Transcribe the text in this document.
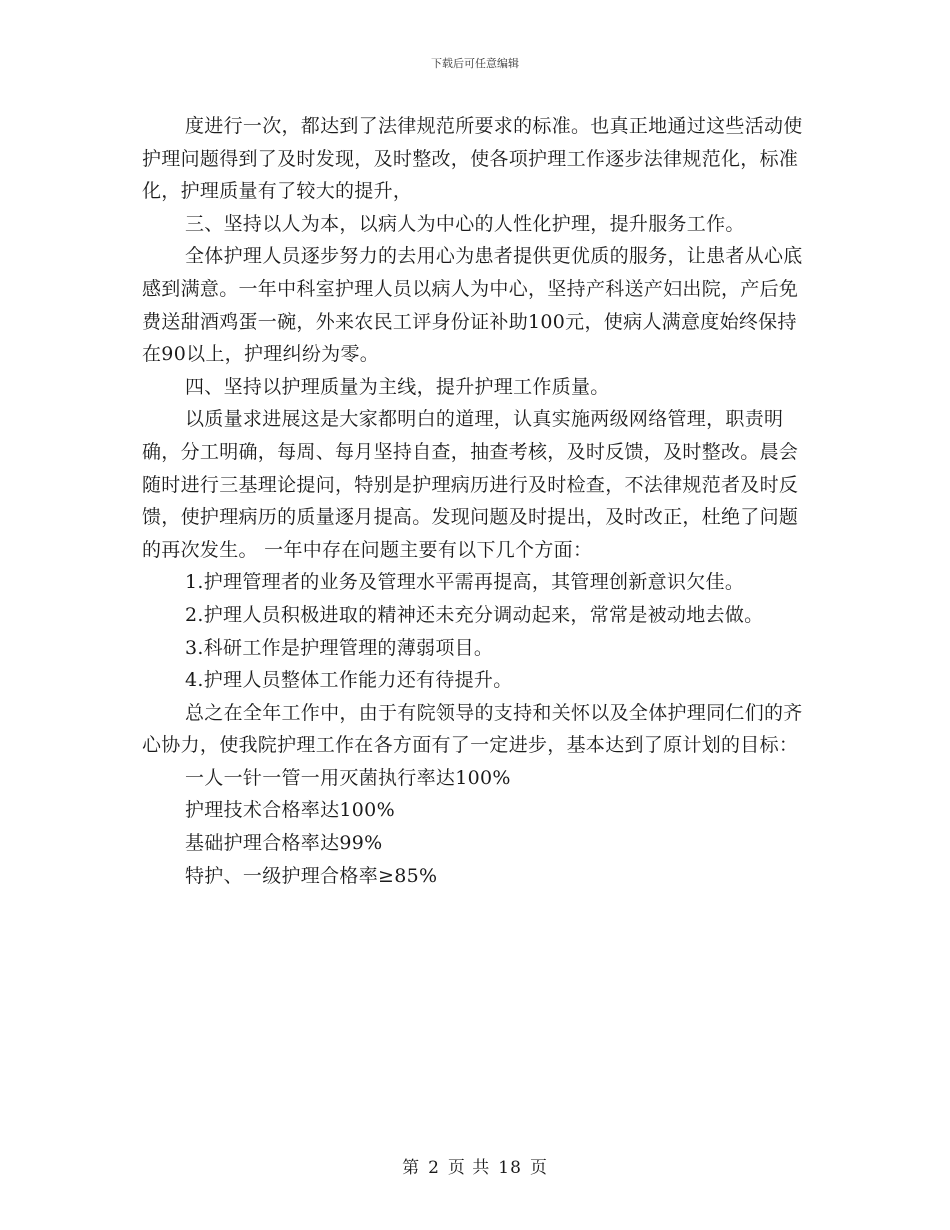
下载后可任意编辑

度进行一次，都达到了法律规范所要求的标准。也真正地通过这些活动使护理问题得到了及时发现，及时整改，使各项护理工作逐步法律规范化，标准化，护理质量有了较大的提升，

三、坚持以人为本，以病人为中心的人性化护理，提升服务工作。

全体护理人员逐步努力的去用心为患者提供更优质的服务，让患者从心底感到满意。一年中科室护理人员以病人为中心，坚持产科送产妇出院，产后免费送甜酒鸡蛋一碗，外来农民工评身份证补助100元，使病人满意度始终保持在90以上，护理纠纷为零。

四、坚持以护理质量为主线，提升护理工作质量。

以质量求进展这是大家都明白的道理，认真实施两级网络管理，职责明确，分工明确，每周、每月坚持自查，抽查考核，及时反馈，及时整改。晨会随时进行三基理论提问，特别是护理病历进行及时检查，不法律规范者及时反馈，使护理病历的质量逐月提高。发现问题及时提出，及时改正，杜绝了问题的再次发生。 一年中存在问题主要有以下几个方面：

1.护理管理者的业务及管理水平需再提高，其管理创新意识欠佳。

2.护理人员积极进取的精神还未充分调动起来，常常是被动地去做。

3.科研工作是护理管理的薄弱项目。

4.护理人员整体工作能力还有待提升。

总之在全年工作中，由于有院领导的支持和关怀以及全体护理同仁们的齐心协力，使我院护理工作在各方面有了一定进步，基本达到了原计划的目标：

一人一针一管一用灭菌执行率达100%

护理技术合格率达100%

基础护理合格率达99%

特护、一级护理合格率≥85%

第 2 页 共 18 页
